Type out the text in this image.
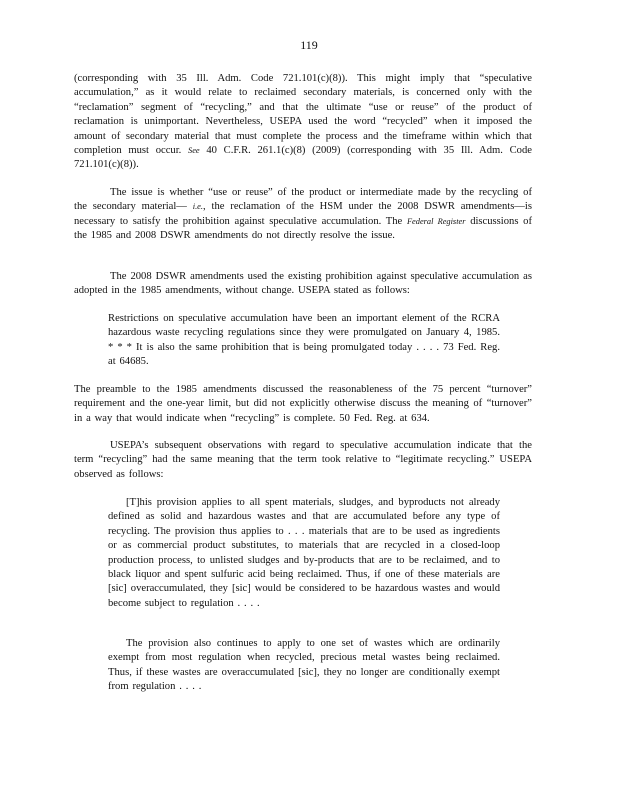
119

(corresponding with 35 Ill. Adm. Code 721.101(c)(8)). This might imply that “speculative accumulation,” as it would relate to reclaimed secondary materials, is concerned only with the “reclamation” segment of “recycling,” and that the ultimate “use or reuse” of the product of reclamation is unimportant. Nevertheless, USEPA used the word “recycled” when it imposed the amount of secondary material that must complete the process and the timeframe within which that completion must occur. See 40 C.F.R. 261.1(c)(8) (2009) (corresponding with 35 Ill. Adm. Code 721.101(c)(8)).

The issue is whether “use or reuse” of the product or intermediate made by the recycling of the secondary material— i.e., the reclamation of the HSM under the 2008 DSWR amendments—is necessary to satisfy the prohibition against speculative accumulation. The Federal Register discussions of the 1985 and 2008 DSWR amendments do not directly resolve the issue.

The 2008 DSWR amendments used the existing prohibition against speculative accumulation as adopted in the 1985 amendments, without change. USEPA stated as follows:

Restrictions on speculative accumulation have been an important element of the RCRA hazardous waste recycling regulations since they were promulgated on January 4, 1985. * * * It is also the same prohibition that is being promulgated today . . . . 73 Fed. Reg. at 64685.

The preamble to the 1985 amendments discussed the reasonableness of the 75 percent “turnover” requirement and the one-year limit, but did not explicitly otherwise discuss the meaning of “turnover” in a way that would indicate when “recycling” is complete. 50 Fed. Reg. at 634.

USEPA’s subsequent observations with regard to speculative accumulation indicate that the term “recycling” had the same meaning that the term took relative to “legitimate recycling.” USEPA observed as follows:

[T]his provision applies to all spent materials, sludges, and byproducts not already defined as solid and hazardous wastes and that are accumulated before any type of recycling. The provision thus applies to . . . materials that are to be used as ingredients or as commercial product substitutes, to materials that are recycled in a closed-loop production process, to unlisted sludges and by-products that are to be reclaimed, and to black liquor and spent sulfuric acid being reclaimed. Thus, if one of these materials are [sic] overaccumulated, they [sic] would be considered to be hazardous wastes and would become subject to regulation . . . .

The provision also continues to apply to one set of wastes which are ordinarily exempt from most regulation when recycled, precious metal wastes being reclaimed. Thus, if these wastes are overaccumulated [sic], they no longer are conditionally exempt from regulation . . . .
